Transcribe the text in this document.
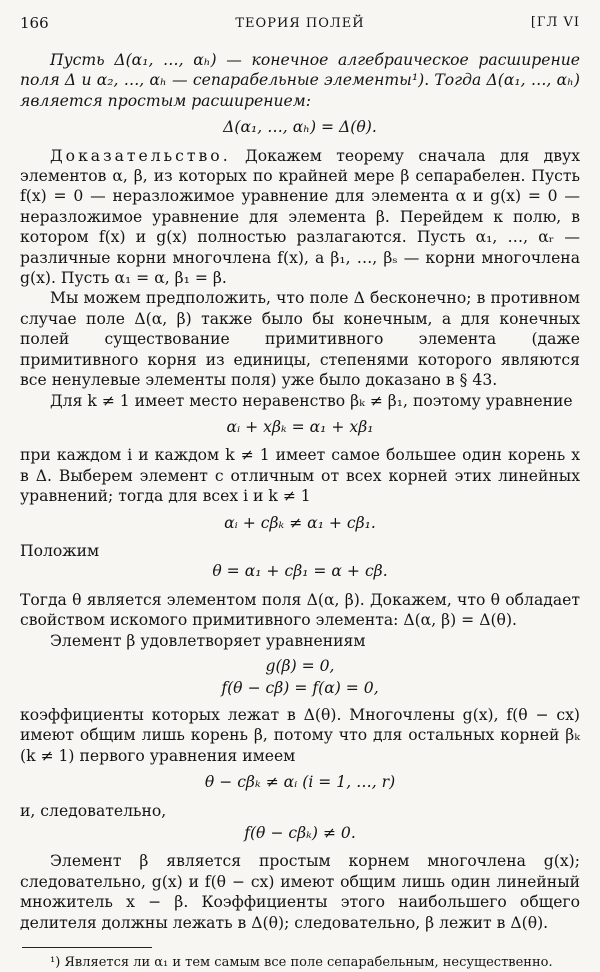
166	ТЕОРИЯ ПОЛЕЙ	[ГЛ VI

Пусть Δ(α₁, …, αₕ) — конечное алгебраическое расширение поля Δ и α₂, …, αₕ — сепарабельные элементы¹). Тогда Δ(α₁, …, αₕ) является простым расширением:

Δ(α₁, …, αₕ) = Δ(θ).

Доказательство. Докажем теорему сначала для двух элементов α, β, из которых по крайней мере β сепарабелен. Пусть f(x) = 0 — неразложимое уравнение для элемента α и g(x) = 0 — неразложимое уравнение для элемента β. Перейдем к полю, в котором f(x) и g(x) полностью разлагаются. Пусть α₁, …, αᵣ — различные корни многочлена f(x), а β₁, …, βₛ — корни многочлена g(x). Пусть α₁ = α, β₁ = β.

Мы можем предположить, что поле Δ бесконечно; в противном случае поле Δ(α, β) также было бы конечным, а для конечных полей существование примитивного элемента (даже примитивного корня из единицы, степенями которого являются все ненулевые элементы поля) уже было доказано в § 43.

Для k ≠ 1 имеет место неравенство βₖ ≠ β₁, поэтому уравнение

αᵢ + xβₖ = α₁ + xβ₁

при каждом i и каждом k ≠ 1 имеет самое большее один корень x в Δ. Выберем элемент c отличным от всех корней этих линейных уравнений; тогда для всех i и k ≠ 1

αᵢ + cβₖ ≠ α₁ + cβ₁.

Положим

θ = α₁ + cβ₁ = α + cβ.

Тогда θ является элементом поля Δ(α, β). Докажем, что θ обладает свойством искомого примитивного элемента: Δ(α, β) = Δ(θ).

Элемент β удовлетворяет уравнениям

g(β) = 0,
f(θ − cβ) = f(α) = 0,

коэффициенты которых лежат в Δ(θ). Многочлены g(x), f(θ − cx) имеют общим лишь корень β, потому что для остальных корней βₖ (k ≠ 1) первого уравнения имеем

θ − cβₖ ≠ αᵢ (i = 1, …, r)

и, следовательно,

f(θ − cβₖ) ≠ 0.

Элемент β является простым корнем многочлена g(x); следовательно, g(x) и f(θ − cx) имеют общим лишь один линейный множитель x − β. Коэффициенты этого наибольшего общего делителя должны лежать в Δ(θ); следовательно, β лежит в Δ(θ).

¹) Является ли α₁ и тем самым все поле сепарабельным, несущественно.
